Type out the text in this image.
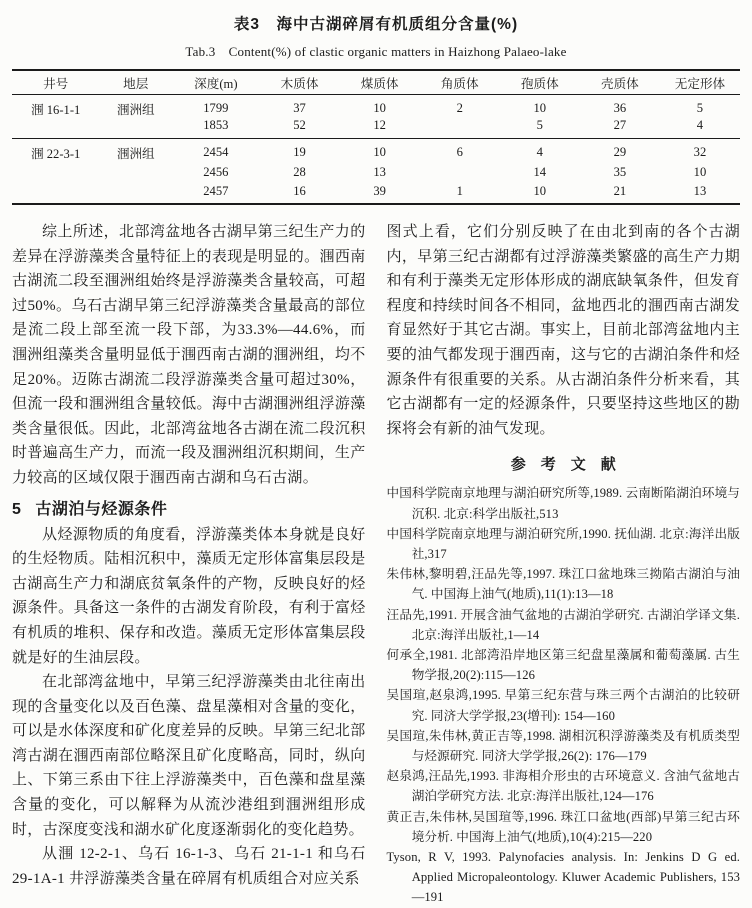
表3　海中古湖碎屑有机质组分含量(%)
Tab.3　Content(%) of clastic organic matters in Haizhong Palaeo-lake
井号	地层	深度(m)	木质体	煤质体	角质体	孢质体	壳质体	无定形体
涠 16-1-1	涠洲组	1799	37	10	2	10	36	5
		1853	52	12		5	27	4
涠 22-3-1	涠洲组	2454	19	10	6	4	29	32
		2456	28	13		14	35	10
		2457	16	39	1	10	21	13

综上所述，北部湾盆地各古湖早第三纪生产力的差异在浮游藻类含量特征上的表现是明显的。涠西南古湖流二段至涠洲组始终是浮游藻类含量较高，可超过50%。乌石古湖早第三纪浮游藻类含量最高的部位是流二段上部至流一段下部，为33.3%—44.6%，而涠洲组藻类含量明显低于涠西南古湖的涠洲组，均不足20%。迈陈古湖流二段浮游藻类含量可超过30%，但流一段和涠洲组含量较低。海中古湖涠洲组浮游藻类含量很低。因此，北部湾盆地各古湖在流二段沉积时普遍高生产力，而流一段及涠洲组沉积期间，生产力较高的区域仅限于涠西南古湖和乌石古湖。

5 古湖泊与烃源条件

从烃源物质的角度看，浮游藻类体本身就是良好的生烃物质。陆相沉积中，藻质无定形体富集层段是古湖高生产力和湖底贫氧条件的产物，反映良好的烃源条件。具备这一条件的古湖发育阶段，有利于富烃有机质的堆积、保存和改造。藻质无定形体富集层段就是好的生油层段。

在北部湾盆地中，早第三纪浮游藻类由北往南出现的含量变化以及百色藻、盘星藻相对含量的变化，可以是水体深度和矿化度差异的反映。早第三纪北部湾古湖在涠西南部位略深且矿化度略高，同时，纵向上、下第三系由下往上浮游藻类中，百色藻和盘星藻含量的变化，可以解释为从流沙港组到涠洲组形成时，古深度变浅和湖水矿化度逐渐弱化的变化趋势。

从涠 12-2-1、乌石 16-1-3、乌石 21-1-1 和乌石 29-1A-1 井浮游藻类含量在碎屑有机质组合对应关系

图式上看，它们分别反映了在由北到南的各个古湖内，早第三纪古湖都有过浮游藻类繁盛的高生产力期和有利于藻类无定形体形成的湖底缺氧条件，但发育程度和持续时间各不相同，盆地西北的涠西南古湖发育显然好于其它古湖。事实上，目前北部湾盆地内主要的油气都发现于涠西南，这与它的古湖泊条件和烃源条件有很重要的关系。从古湖泊条件分析来看，其它古湖都有一定的烃源条件，只要坚持这些地区的勘探将会有新的油气发现。

参　考　文　献
中国科学院南京地理与湖泊研究所等,1989. 云南断陷湖泊环境与沉积. 北京:科学出版社,513
中国科学院南京地理与湖泊研究所,1990. 抚仙湖. 北京:海洋出版社,317
朱伟林,黎明碧,汪品先等,1997. 珠江口盆地珠三拗陷古湖泊与油气. 中国海上油气(地质),11(1):13—18
汪品先,1991. 开展含油气盆地的古湖泊学研究. 古湖泊学译文集. 北京:海洋出版社,1—14
何承全,1981. 北部湾沿岸地区第三纪盘星藻属和葡萄藻属. 古生物学报,20(2):115—126
吴国瑄,赵泉鸿,1995. 早第三纪东营与珠三两个古湖泊的比较研究. 同济大学学报,23(增刊): 154—160
吴国瑄,朱伟林,黄正吉等,1998. 湖相沉积浮游藻类及有机质类型与烃源研究. 同济大学学报,26(2): 176—179
赵泉鸿,汪品先,1993. 非海相介形虫的古环境意义. 含油气盆地古湖泊学研究方法. 北京:海洋出版社,124—176
黄正吉,朱伟林,吴国瑄等,1996. 珠江口盆地(西部)早第三纪古环境分析. 中国海上油气(地质),10(4):215—220
Tyson, R V, 1993. Palynofacies analysis. In: Jenkins D G ed. Applied Micropaleontology. Kluwer Academic Publishers, 153—191
